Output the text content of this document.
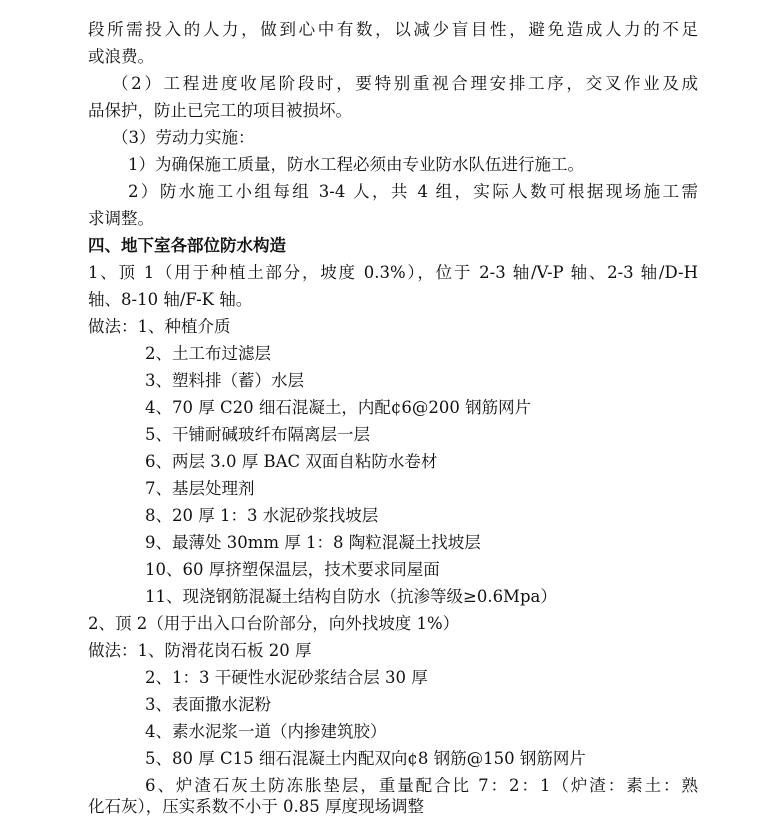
段所需投入的人力，做到心中有数，以减少盲目性，避免造成人力的不足
或浪费。
（2）工程进度收尾阶段时，要特别重视合理安排工序，交叉作业及成
品保护，防止已完工的项目被损坏。
（3）劳动力实施：
1）为确保施工质量，防水工程必须由专业防水队伍进行施工。
2）防水施工小组每组 3-4 人，共 4 组，实际人数可根据现场施工需
求调整。
四、地下室各部位防水构造
1、顶 1（用于种植土部分，坡度 0.3%），位于 2-3 轴/V-P 轴、2-3 轴/D-H
轴、8-10 轴/F-K 轴。
做法：1、种植介质
2、土工布过滤层
3、塑料排（蓄）水层
4、70 厚 C20 细石混凝土，内配¢6@200 钢筋网片
5、干铺耐碱玻纤布隔离层一层
6、两层 3.0 厚 BAC 双面自粘防水卷材
7、基层处理剂
8、20 厚 1：3 水泥砂浆找坡层
9、最薄处 30mm 厚 1：8 陶粒混凝土找坡层
10、60 厚挤塑保温层，技术要求同屋面
11、现浇钢筋混凝土结构自防水（抗渗等级≥0.6Mpa）
2、顶 2（用于出入口台阶部分，向外找坡度 1%）
做法：1、防滑花岗石板 20 厚
2、1：3 干硬性水泥砂浆结合层 30 厚
3、表面撒水泥粉
4、素水泥浆一道（内掺建筑胶）
5、80 厚 C15 细石混凝土内配双向¢8 钢筋@150 钢筋网片
6、炉渣石灰土防冻胀垫层，重量配合比 7：2：1（炉渣：素土：熟
化石灰），压实系数不小于 0.85 厚度现场调整
